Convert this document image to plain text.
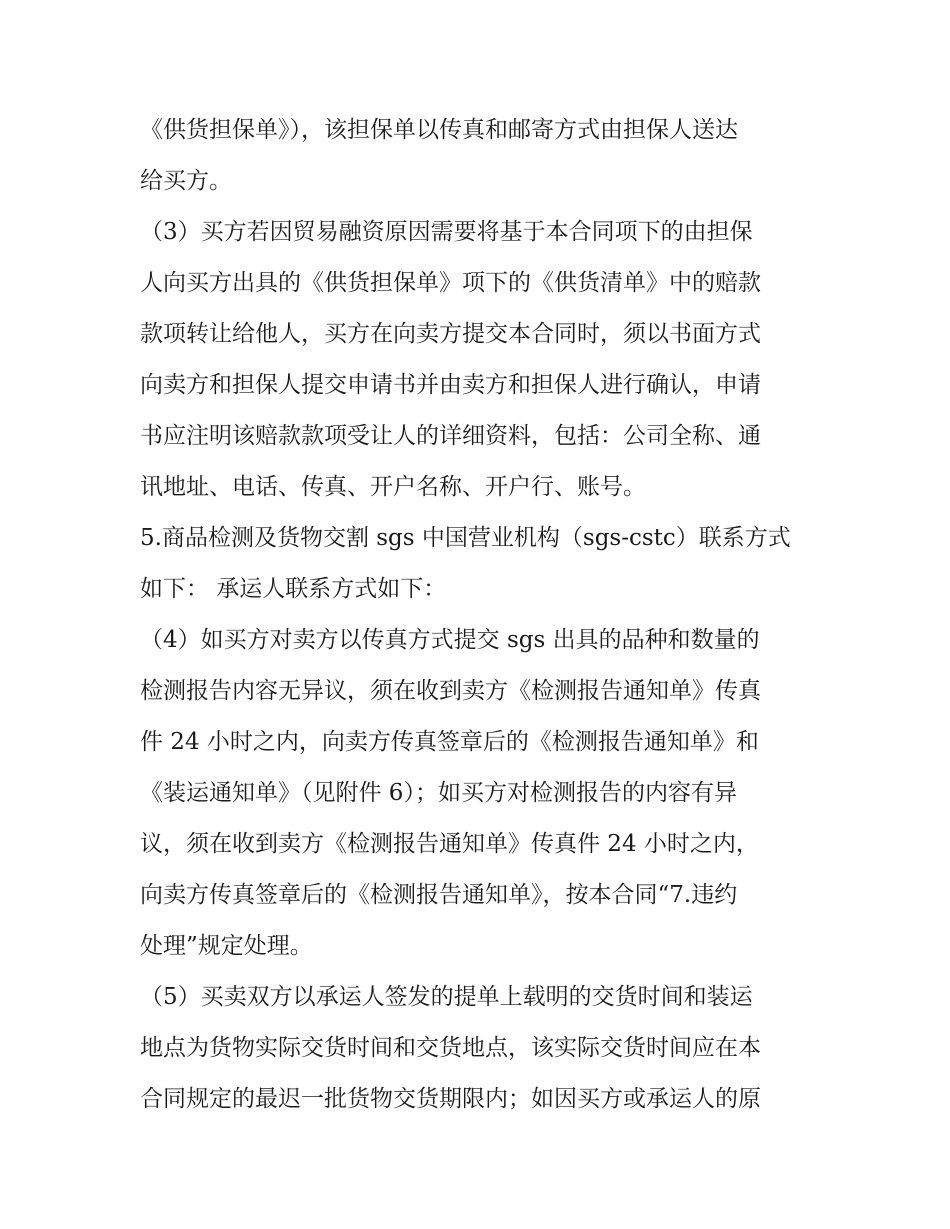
《供货担保单》），该担保单以传真和邮寄方式由担保人送达
给买方。
（3）买方若因贸易融资原因需要将基于本合同项下的由担保
人向买方出具的《供货担保单》项下的《供货清单》中的赔款
款项转让给他人，买方在向卖方提交本合同时，须以书面方式
向卖方和担保人提交申请书并由卖方和担保人进行确认，申请
书应注明该赔款款项受让人的详细资料，包括：公司全称、通
讯地址、电话、传真、开户名称、开户行、账号。
5.商品检测及货物交割 sgs 中国营业机构（sgs-cstc）联系方式
如下： 承运人联系方式如下：
（4）如买方对卖方以传真方式提交 sgs 出具的品种和数量的
检测报告内容无异议，须在收到卖方《检测报告通知单》传真
件 24 小时之内，向卖方传真签章后的《检测报告通知单》和
《装运通知单》（见附件 6）；如买方对检测报告的内容有异
议，须在收到卖方《检测报告通知单》传真件 24 小时之内，
向卖方传真签章后的《检测报告通知单》，按本合同“7.违约
处理”规定处理。
（5）买卖双方以承运人签发的提单上载明的交货时间和装运
地点为货物实际交货时间和交货地点，该实际交货时间应在本
合同规定的最迟一批货物交货期限内；如因买方或承运人的原
